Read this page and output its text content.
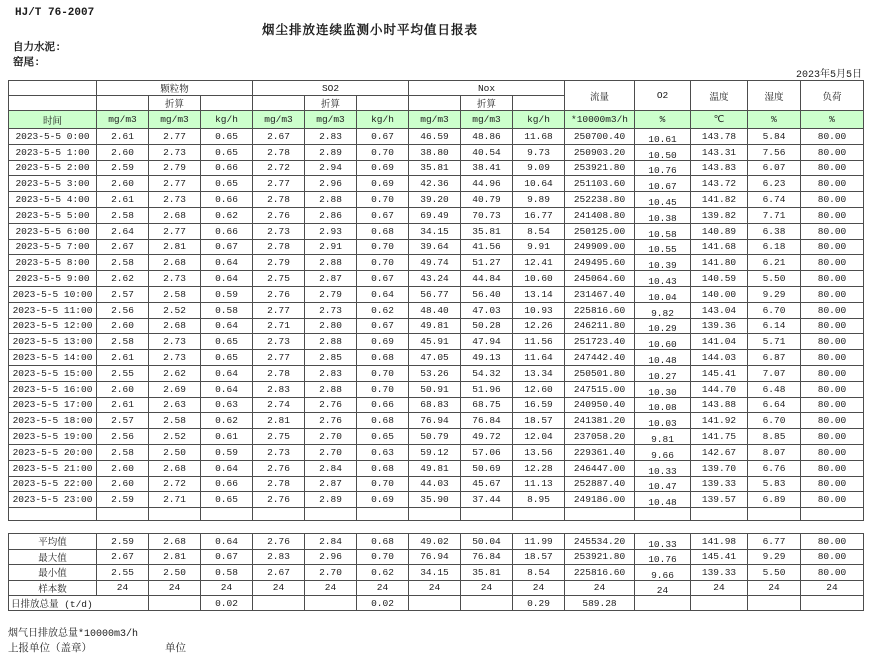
HJ/T 76-2007
烟尘排放连续监测小时平均值日报表
自力水泥:
窑尾:
2023年5月5日
	颗粒物			SO2			Nox			流量	O2	温度	湿度	负荷
		折算			折算			折算						
时间	mg/m3	mg/m3	kg/h	mg/m3	mg/m3	kg/h	mg/m3	mg/m3	kg/h	*10000m3/h	%	℃	%	%
2023-5-5 0:00	2.61	2.77	0.65	2.67	2.83	0.67	46.59	48.86	11.68	250700.40	10.61	143.78	5.84	80.00
2023-5-5 1:00	2.60	2.73	0.65	2.78	2.89	0.70	38.80	40.54	9.73	250903.20	10.50	143.31	7.56	80.00
2023-5-5 2:00	2.59	2.79	0.66	2.72	2.94	0.69	35.81	38.41	9.09	253921.80	10.76	143.83	6.07	80.00
2023-5-5 3:00	2.60	2.77	0.65	2.77	2.96	0.69	42.36	44.96	10.64	251103.60	10.67	143.72	6.23	80.00
2023-5-5 4:00	2.61	2.73	0.66	2.78	2.88	0.70	39.20	40.79	9.89	252238.80	10.45	141.82	6.74	80.00
2023-5-5 5:00	2.58	2.68	0.62	2.76	2.86	0.67	69.49	70.73	16.77	241408.80	10.38	139.82	7.71	80.00
2023-5-5 6:00	2.64	2.77	0.66	2.73	2.93	0.68	34.15	35.81	8.54	250125.00	10.58	140.89	6.38	80.00
2023-5-5 7:00	2.67	2.81	0.67	2.78	2.91	0.70	39.64	41.56	9.91	249909.00	10.55	141.68	6.18	80.00
2023-5-5 8:00	2.58	2.68	0.64	2.79	2.88	0.70	49.74	51.27	12.41	249495.60	10.39	141.80	6.21	80.00
2023-5-5 9:00	2.62	2.73	0.64	2.75	2.87	0.67	43.24	44.84	10.60	245064.60	10.43	140.59	5.50	80.00
2023-5-5 10:00	2.57	2.58	0.59	2.76	2.79	0.64	56.77	56.40	13.14	231467.40	10.04	140.00	9.29	80.00
2023-5-5 11:00	2.56	2.52	0.58	2.77	2.73	0.62	48.40	47.03	10.93	225816.60	9.82	143.04	6.70	80.00
2023-5-5 12:00	2.60	2.68	0.64	2.71	2.80	0.67	49.81	50.28	12.26	246211.80	10.29	139.36	6.14	80.00
2023-5-5 13:00	2.58	2.73	0.65	2.73	2.88	0.69	45.91	47.94	11.56	251723.40	10.60	141.04	5.71	80.00
2023-5-5 14:00	2.61	2.73	0.65	2.77	2.85	0.68	47.05	49.13	11.64	247442.40	10.48	144.03	6.87	80.00
2023-5-5 15:00	2.55	2.62	0.64	2.78	2.83	0.70	53.26	54.32	13.34	250501.80	10.27	145.41	7.07	80.00
2023-5-5 16:00	2.60	2.69	0.64	2.83	2.88	0.70	50.91	51.96	12.60	247515.00	10.30	144.70	6.48	80.00
2023-5-5 17:00	2.61	2.63	0.63	2.74	2.76	0.66	68.83	68.75	16.59	240950.40	10.08	143.88	6.64	80.00
2023-5-5 18:00	2.57	2.58	0.62	2.81	2.76	0.68	76.94	76.84	18.57	241381.20	10.03	141.92	6.70	80.00
2023-5-5 19:00	2.56	2.52	0.61	2.75	2.70	0.65	50.79	49.72	12.04	237058.20	9.81	141.75	8.85	80.00
2023-5-5 20:00	2.58	2.50	0.59	2.73	2.70	0.63	59.12	57.06	13.56	229361.40	9.66	142.67	8.07	80.00
2023-5-5 21:00	2.60	2.68	0.64	2.76	2.84	0.68	49.81	50.69	12.28	246447.00	10.33	139.70	6.76	80.00
2023-5-5 22:00	2.60	2.72	0.66	2.78	2.87	0.70	44.03	45.67	11.13	252887.40	10.47	139.33	5.83	80.00
2023-5-5 23:00	2.59	2.71	0.65	2.76	2.89	0.69	35.90	37.44	8.95	249186.00	10.48	139.57	6.89	80.00

平均值	2.59	2.68	0.64	2.76	2.84	0.68	49.02	50.04	11.99	245534.20	10.33	141.98	6.77	80.00
最大值	2.67	2.81	0.67	2.83	2.96	0.70	76.94	76.84	18.57	253921.80	10.76	145.41	9.29	80.00
最小值	2.55	2.50	0.58	2.67	2.70	0.62	34.15	35.81	8.54	225816.60	9.66	139.33	5.50	80.00
样本数	24	24	24	24	24	24	24	24	24	24	24	24	24	24
日排放总量 (t/d)			0.02			0.02			0.29	589.28				
烟气日排放总量*10000m3/h
上报单位（盖章）	单位
